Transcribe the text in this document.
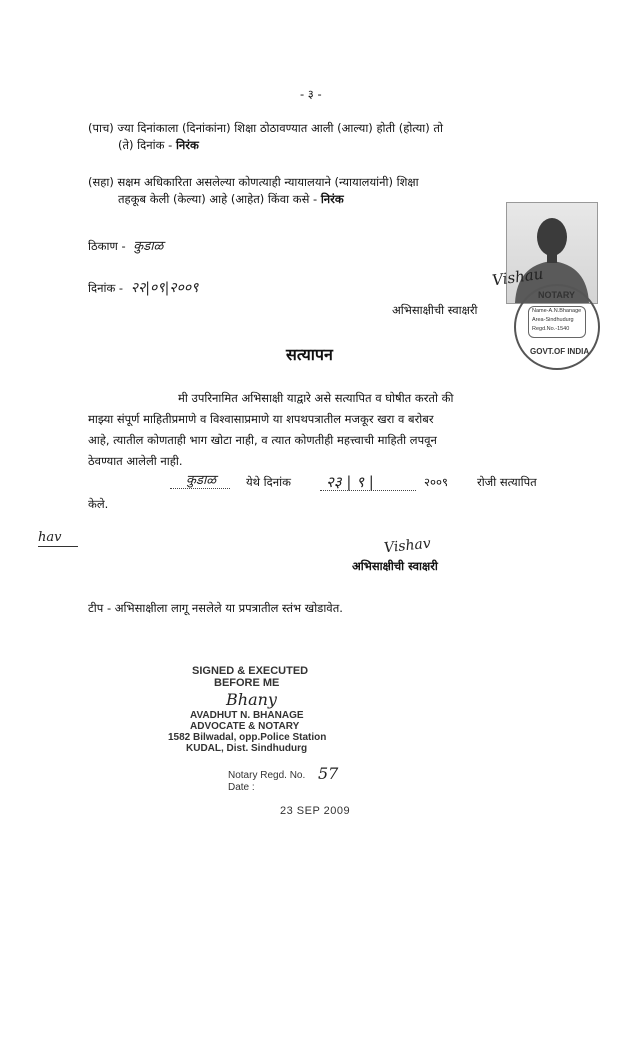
- ३ -
(पाच) ज्या दिनांकाला (दिनांकांना) शिक्षा ठोठावण्यात आली (आल्या) होती (होत्या) तो
(ते) दिनांक - निरंक
(सहा) सक्षम अधिकारिता असलेल्या कोणत्याही न्यायालयाने (न्यायालयांनी) शिक्षा
तहकूब केली (केल्या) आहे (आहेत) किंवा कसे - निरंक
ठिकाण - कुडाळ
दिनांक - २२|०९|२००९	Vishau
NOTARY
Name-A.N.Bhanage
Area-Sindhudurg
Regd.No.-1540
GOVT.OF INDIA
अभिसाक्षीची स्वाक्षरी
सत्यापन
मी उपरिनामित अभिसाक्षी याद्वारे असे सत्यापित व घोषीत करतो की
माझ्या संपूर्ण माहितीप्रमाणे व विश्वासाप्रमाणे या शपथपत्रातील मजकूर खरा व बरोबर
आहे, त्यातील कोणताही भाग खोटा नाही, व त्यात कोणतीही महत्त्वाची माहिती लपवून
ठेवण्यात आलेली नाही.
कुडाळ	येथे दिनांक २३ | ९ |	२००९	रोजी सत्यापित
केले.
hav	Vishav
अभिसाक्षीची स्वाक्षरी
टीप - अभिसाक्षीला लागू नसलेले या प्रपत्रातील स्तंभ खोडावेत.
SIGNED & EXECUTED
BEFORE ME
Bhany
AVADHUT N. BHANAGE
ADVOCATE & NOTARY
1582 Bilwadal, opp.Police Station
KUDAL, Dist. Sindhudurg
Notary Regd. No. 57
Date :
23 SEP 2009
